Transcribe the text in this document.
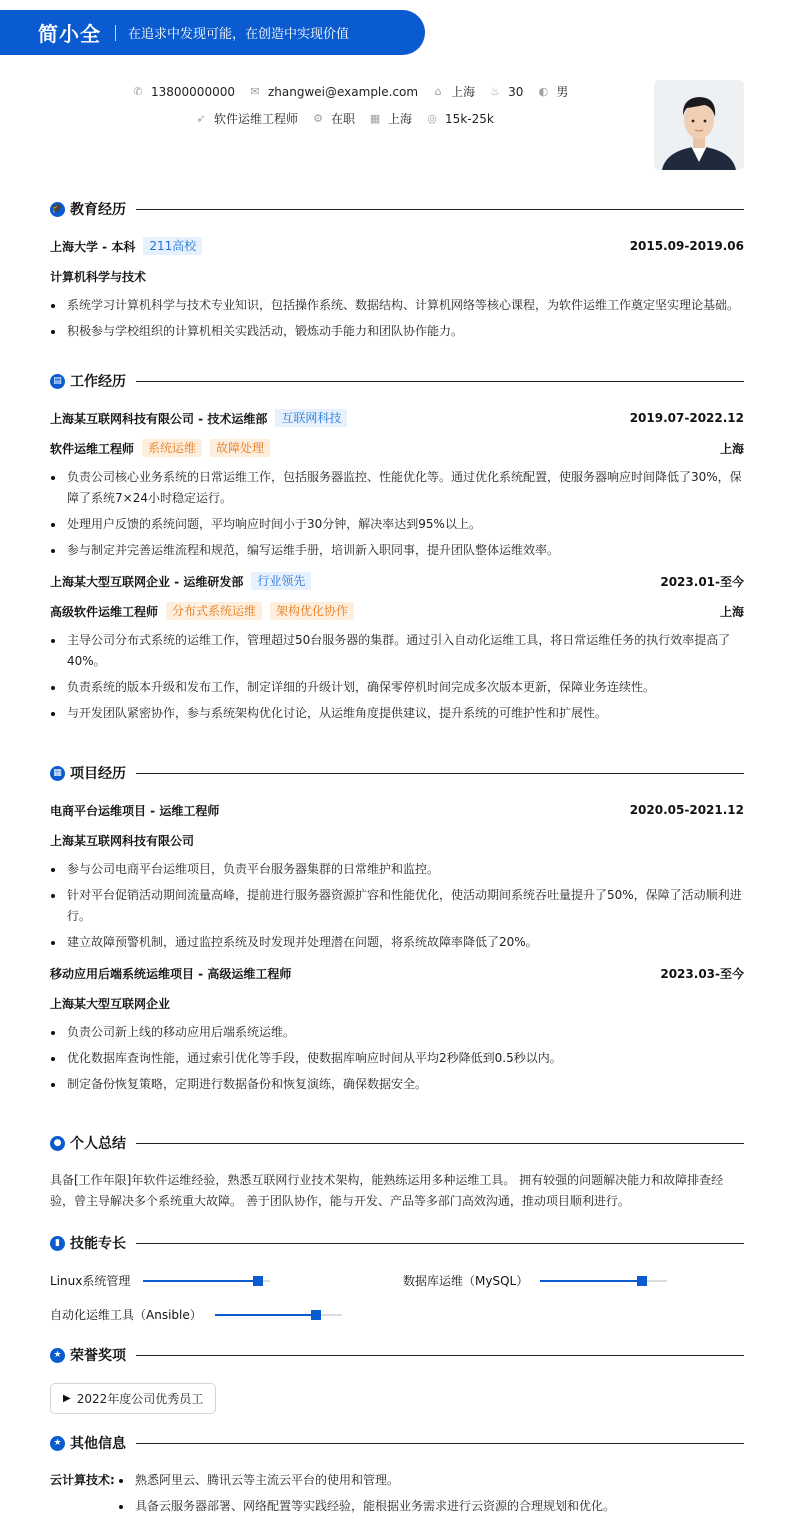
简小全 在追求中发现可能，在创造中实现价值
✆ 13800000000 ✉ zhangwei@example.com ⌂ 上海 ♨ 30 ◐ 男
➶ 软件运维工程师 ⚙ 在职 ▦ 上海 ◎ 15k-25k
🎓 教育经历
上海大学 - 本科	211高校	2015.09-2019.06
计算机科学与技术
系统学习计算机科学与技术专业知识，包括操作系统、数据结构、计算机网络等核心课程，为软件运维工作奠定坚实理论基础。
积极参与学校组织的计算机相关实践活动，锻炼动手能力和团队协作能力。
▤ 工作经历
上海某互联网科技有限公司 - 技术运维部	互联网科技	2019.07-2022.12
软件运维工程师	系统运维	故障处理	上海
负责公司核心业务系统的日常运维工作，包括服务器监控、性能优化等。通过优化系统配置，使服务器响应时间降低了30%，保障了系统7×24小时稳定运行。
处理用户反馈的系统问题，平均响应时间小于30分钟，解决率达到95%以上。
参与制定并完善运维流程和规范，编写运维手册，培训新入职同事，提升团队整体运维效率。
上海某大型互联网企业 - 运维研发部	行业领先	2023.01-至今
高级软件运维工程师	分布式系统运维	架构优化协作	上海
主导公司分布式系统的运维工作，管理超过50台服务器的集群。通过引入自动化运维工具，将日常运维任务的执行效率提高了40%。
负责系统的版本升级和发布工作，制定详细的升级计划，确保零停机时间完成多次版本更新，保障业务连续性。
与开发团队紧密协作，参与系统架构优化讨论，从运维角度提供建议，提升系统的可维护性和扩展性。
▦ 项目经历
电商平台运维项目 - 运维工程师	2020.05-2021.12
上海某互联网科技有限公司
参与公司电商平台运维项目，负责平台服务器集群的日常维护和监控。
针对平台促销活动期间流量高峰，提前进行服务器资源扩容和性能优化，使活动期间系统吞吐量提升了50%，保障了活动顺利进行。
建立故障预警机制，通过监控系统及时发现并处理潜在问题，将系统故障率降低了20%。
移动应用后端系统运维项目 - 高级运维工程师	2023.03-至今
上海某大型互联网企业
负责公司新上线的移动应用后端系统运维。
优化数据库查询性能，通过索引优化等手段，使数据库响应时间从平均2秒降低到0.5秒以内。
制定备份恢复策略，定期进行数据备份和恢复演练，确保数据安全。
● 个人总结

具备[工作年限]年软件运维经验，熟悉互联网行业技术架构，能熟练运用多种运维工具。 拥有较强的问题解决能力和故障排查经验，曾主导解决多个系统重大故障。 善于团队协作，能与开发、产品等多部门高效沟通，推动项目顺利进行。

▮ 技能专长
Linux系统管理	数据库运维（MySQL）
自动化运维工具（Ansible）
★ 荣誉奖项
▶ 2022年度公司优秀员工
★ 其他信息
云计算技术:	熟悉阿里云、腾讯云等主流云平台的使用和管理。
具备云服务器部署、网络配置等实践经验，能根据业务需求进行云资源的合理规划和优化。
